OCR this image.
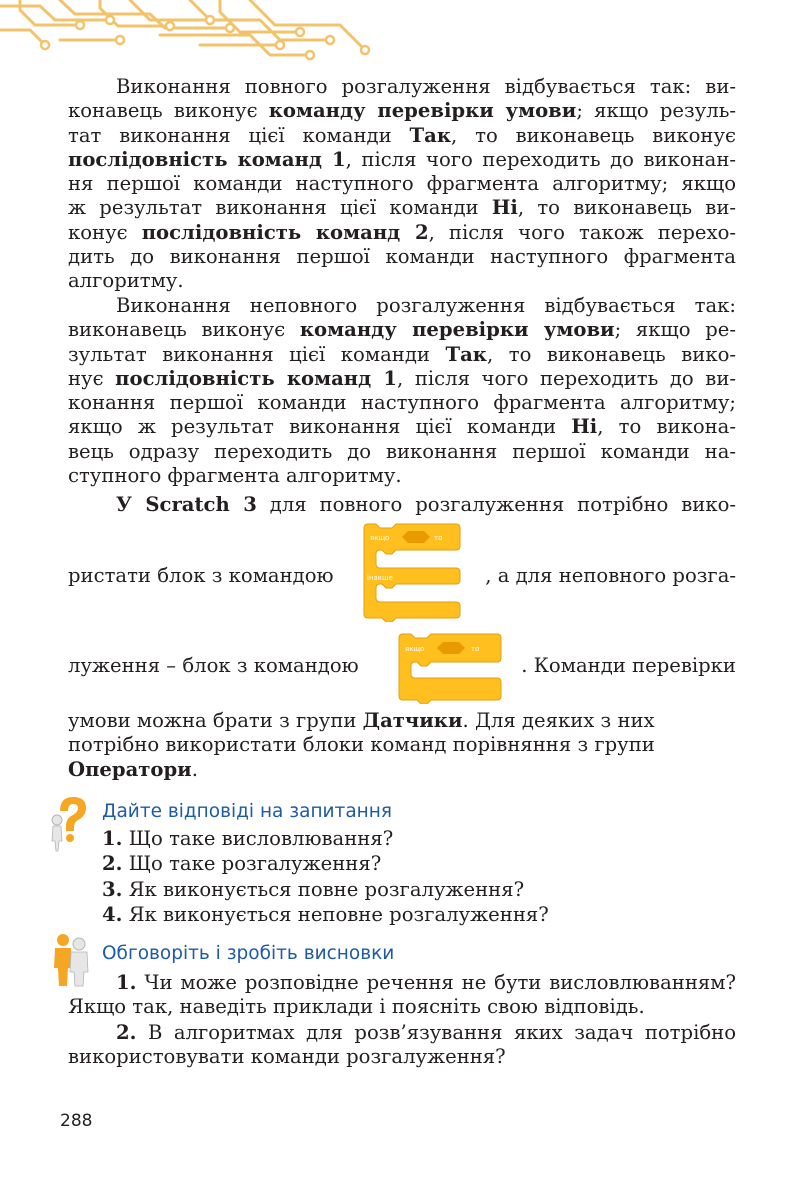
Виконання повного розгалуження відбувається так: ви-
конавець виконує команду перевірки умови; якщо резуль-
тат виконання цієї команди Так, то виконавець виконує
послідовність команд 1, після чого переходить до виконан-
ня першої команди наступного фрагмента алгоритму; якщо
ж результат виконання цієї команди Ні, то виконавець ви-
конує послідовність команд 2, після чого також перехо-
дить до виконання першої команди наступного фрагмента
алгоритму.
Виконання неповного розгалуження відбувається так:
виконавець виконує команду перевірки умови; якщо ре-
зультат виконання цієї команди Так, то виконавець вико-
нує послідовність команд 1, після чого переходить до ви-
конання першої команди наступного фрагмента алгоритму;
якщо ж результат виконання цієї команди Ні, то викона-
вець одразу переходить до виконання першої команди на-
ступного фрагмента алгоритму.
У Scratch 3 для повного розгалуження потрібно вико-
ристати блок з командою
якщо	то
інакше	, а для неповного розга-
луження – блок з командою
якщо	то
. Команди перевірки
умови можна брати з групи Датчики. Для деяких з них
потрібно використати блоки команд порівняння з групи
Оператори.
Дайте відповіді на запитання
1. Що таке висловлювання?
2. Що таке розгалуження?
3. Як виконується повне розгалуження?
4. Як виконується неповне розгалуження?
Обговоріть і зробіть висновки
1. Чи може розповідне речення не бути висловлюванням?
Якщо так, наведіть приклади і поясніть свою відповідь.
2. В алгоритмах для розв’язування яких задач потрібно
використовувати команди розгалуження?
288
